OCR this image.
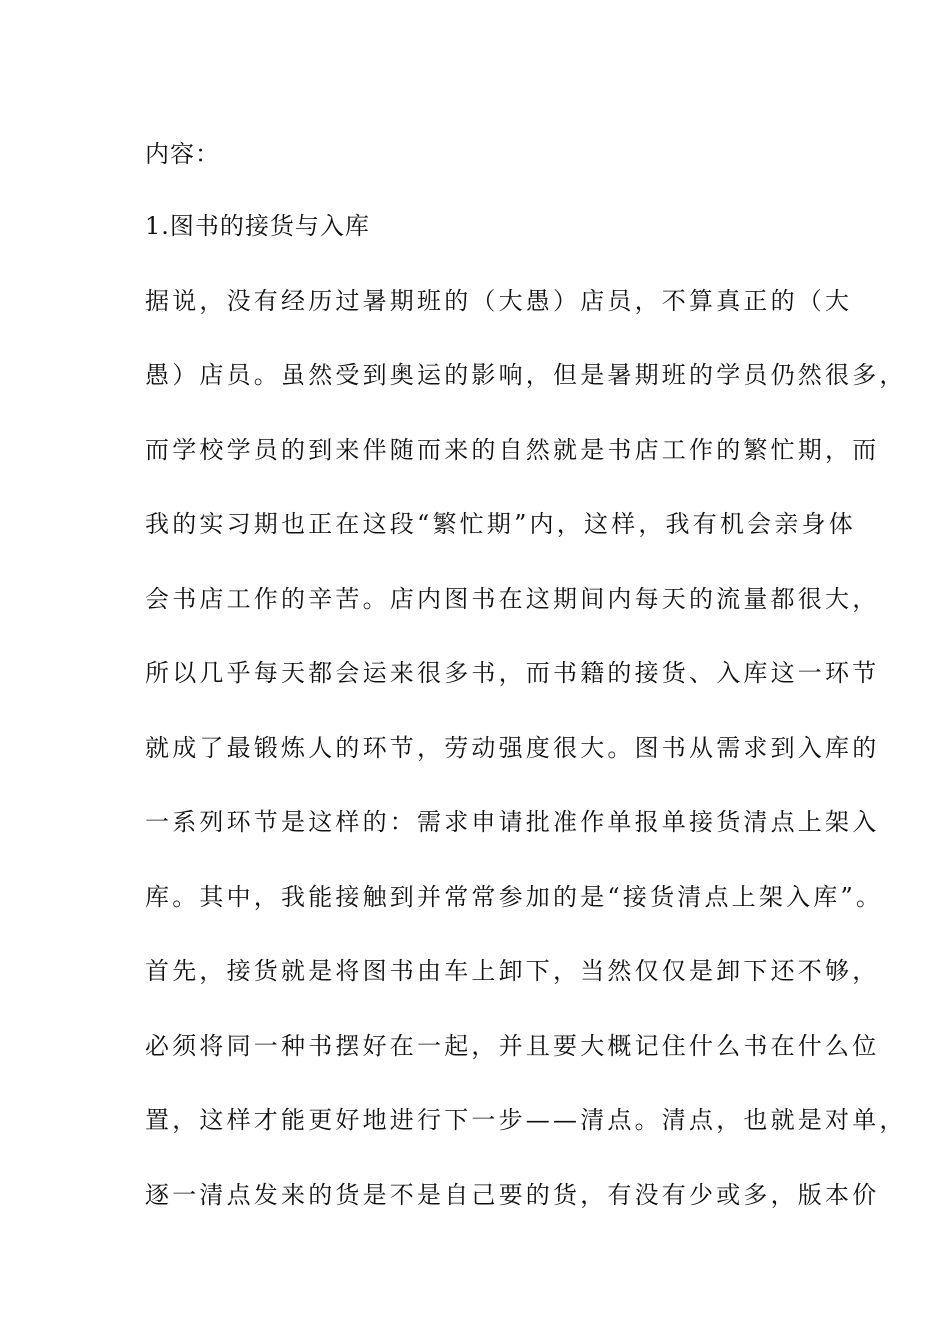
内容：
1.图书的接货与入库
据说，没有经历过暑期班的（大愚）店员，不算真正的（大
愚）店员。虽然受到奥运的影响，但是暑期班的学员仍然很多，
而学校学员的到来伴随而来的自然就是书店工作的繁忙期，而
我的实习期也正在这段“繁忙期”内，这样，我有机会亲身体
会书店工作的辛苦。店内图书在这期间内每天的流量都很大，
所以几乎每天都会运来很多书，而书籍的接货、入库这一环节
就成了最锻炼人的环节，劳动强度很大。图书从需求到入库的
一系列环节是这样的：需求申请批准作单报单接货清点上架入
库。其中，我能接触到并常常参加的是“接货清点上架入库”。
首先，接货就是将图书由车上卸下，当然仅仅是卸下还不够，
必须将同一种书摆好在一起，并且要大概记住什么书在什么位
置，这样才能更好地进行下一步——清点。清点，也就是对单，
逐一清点发来的货是不是自己要的货，有没有少或多，版本价
